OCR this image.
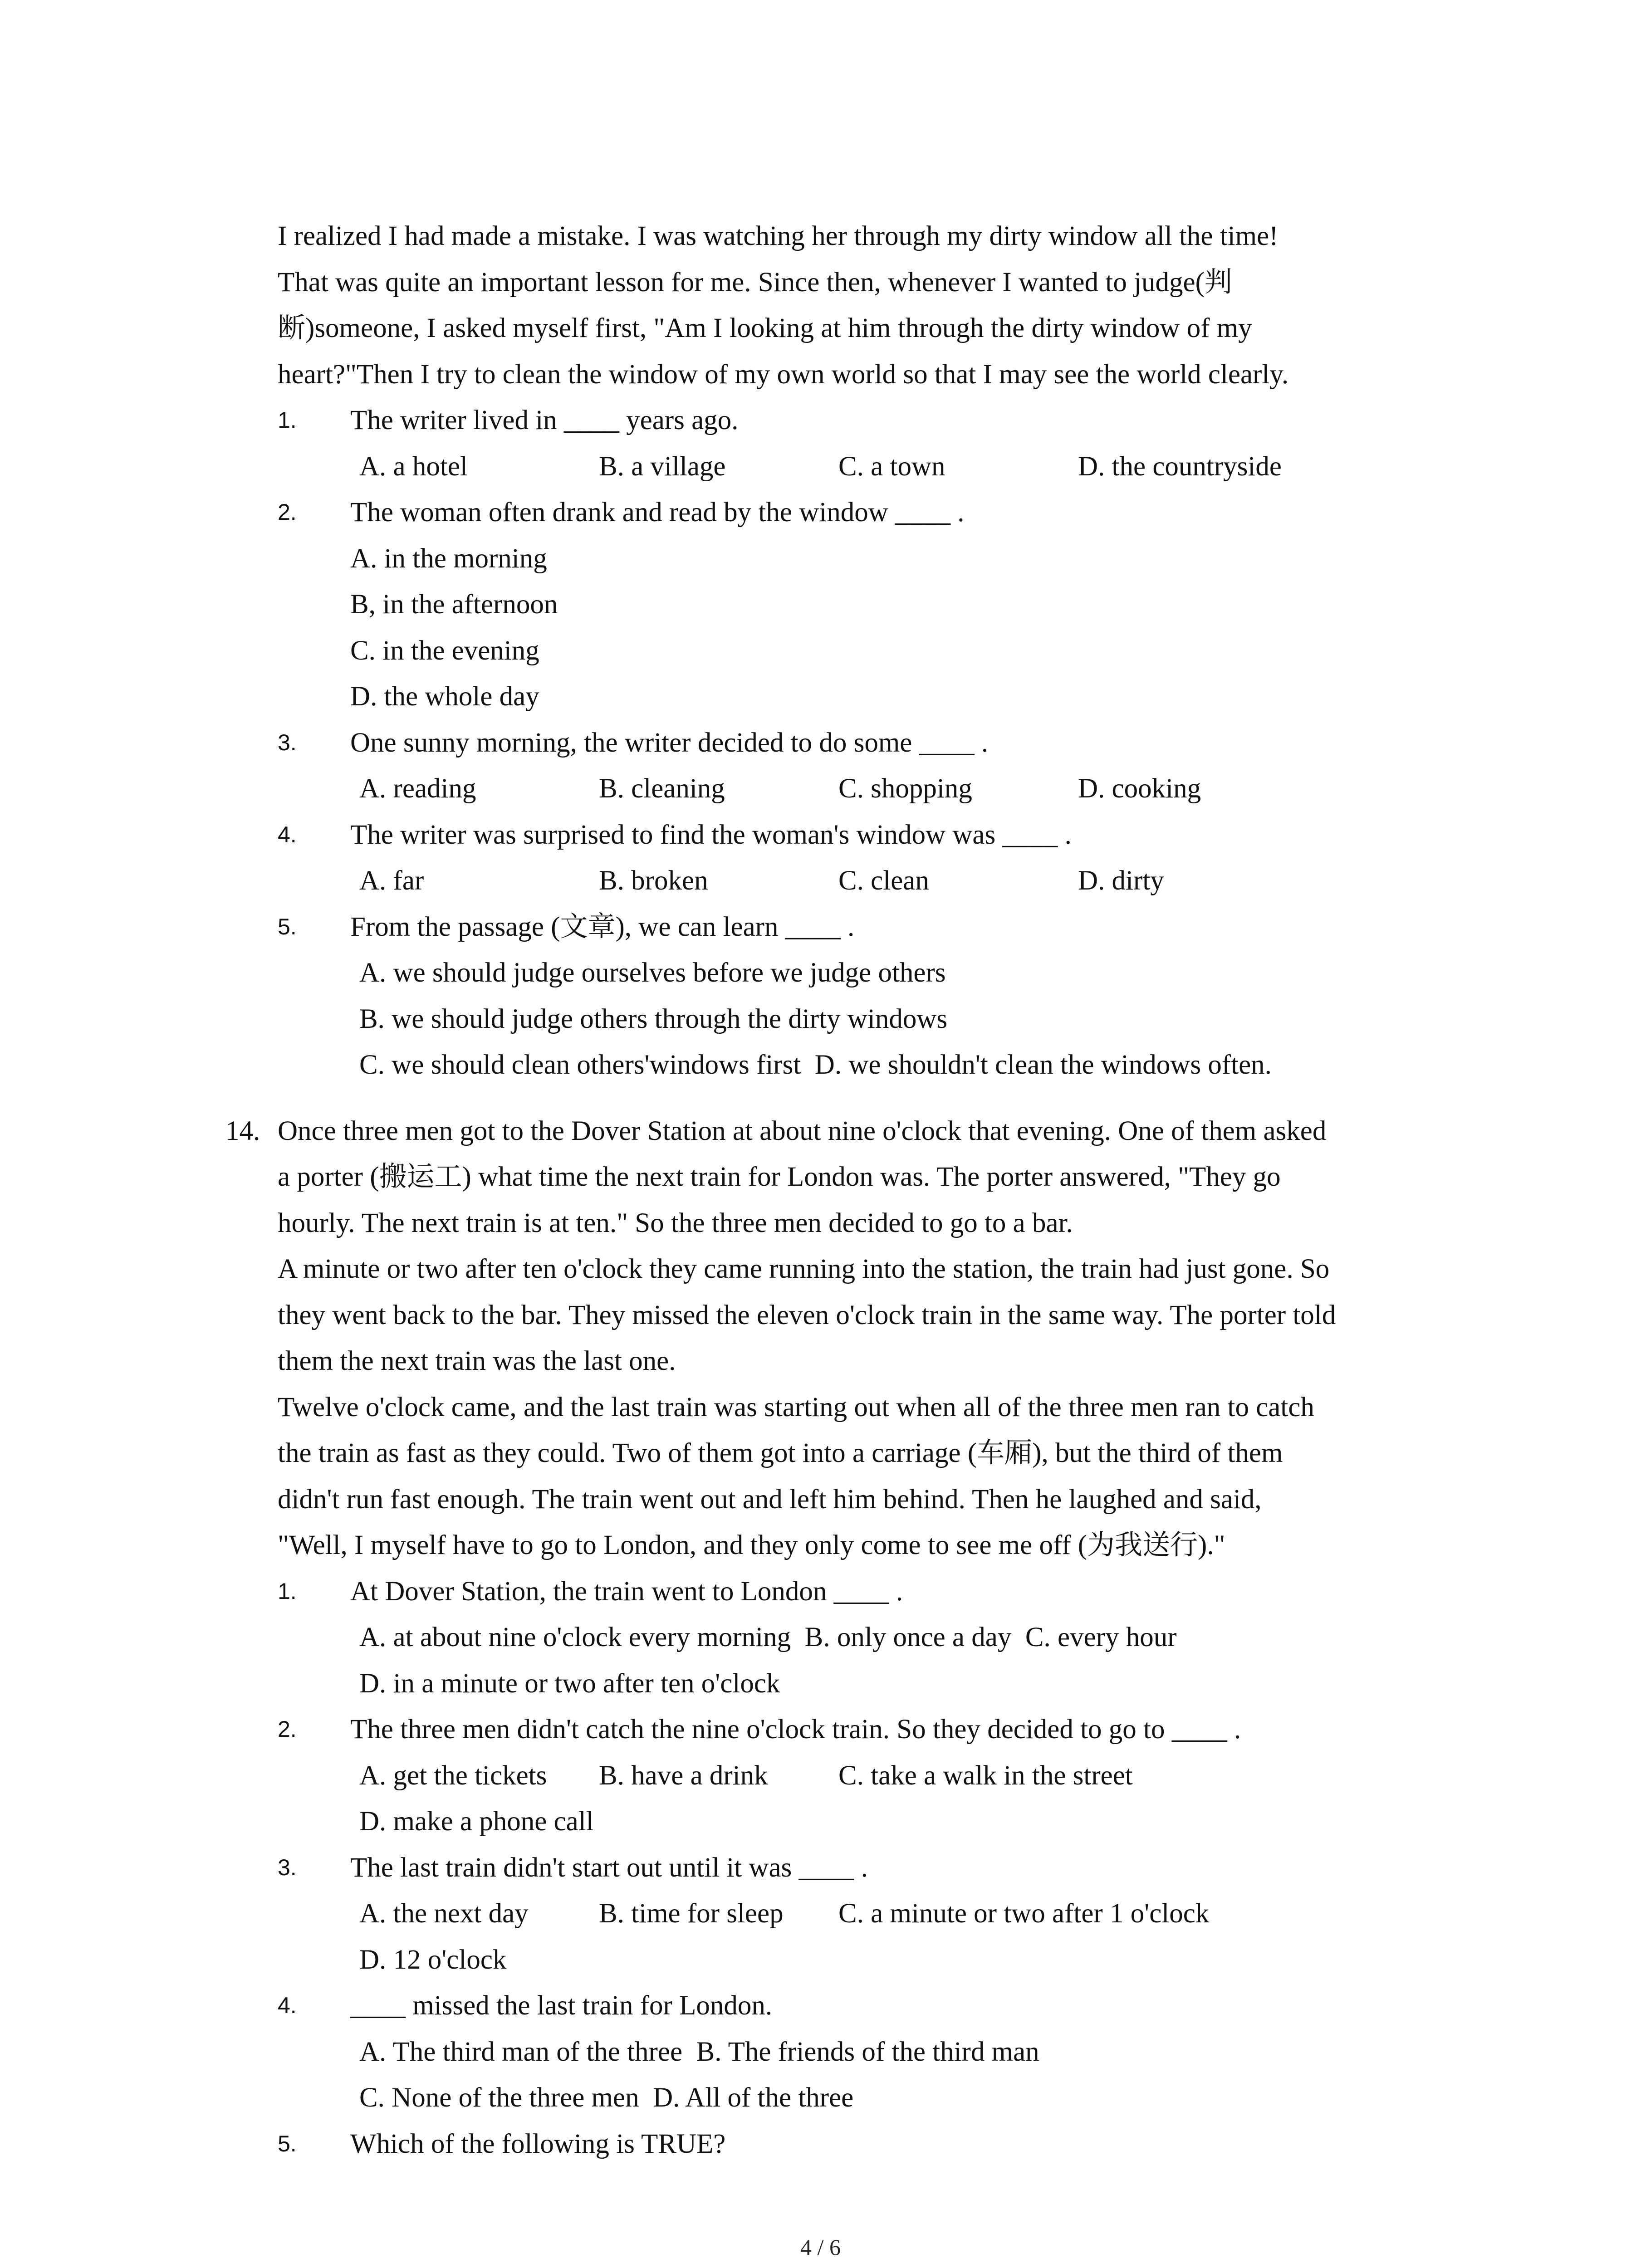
I realized I had made a mistake. I was watching her through my dirty window all the time!
That was quite an important lesson for me. Since then, whenever I wanted to judge(判
断)someone, I asked myself first, "Am I looking at him through the dirty window of my
heart?"Then I try to clean the window of my own world so that I may see the world clearly.
1.	The writer lived in ____ years ago.
A. a hotel	B. a village	C. a town	D. the countryside
2.	The woman often drank and read by the window ____ .
A. in the morning
B, in the afternoon
C. in the evening
D. the whole day
3.	One sunny morning, the writer decided to do some ____ .
A. reading	B. cleaning	C. shopping	D. cooking
4.	The writer was surprised to find the woman's window was ____ .
A. far	B. broken	C. clean	D. dirty
5.	From the passage (文章), we can learn ____ .
A. we should judge ourselves before we judge others
B. we should judge others through the dirty windows
C. we should clean others'windows first D. we shouldn't clean the windows often.
14. Once three men got to the Dover Station at about nine o'clock that evening. One of them asked
a porter (搬运工) what time the next train for London was. The porter answered, "They go
hourly. The next train is at ten." So the three men decided to go to a bar.
A minute or two after ten o'clock they came running into the station, the train had just gone. So
they went back to the bar. They missed the eleven o'clock train in the same way. The porter told
them the next train was the last one.
Twelve o'clock came, and the last train was starting out when all of the three men ran to catch
the train as fast as they could. Two of them got into a carriage (车厢), but the third of them
didn't run fast enough. The train went out and left him behind. Then he laughed and said,
"Well, I myself have to go to London, and they only come to see me off (为我送行)."
1.	At Dover Station, the train went to London ____ .
A. at about nine o'clock every morning B. only once a day C. every hour
D. in a minute or two after ten o'clock
2.	The three men didn't catch the nine o'clock train. So they decided to go to ____ .
A. get the tickets B. have a drink	C. take a walk in the street
D. make a phone call
3.	The last train didn't start out until it was ____ .
A. the next day	B. time for sleep C. a minute or two after 1 o'clock
D. 12 o'clock
4.	____ missed the last train for London.
A. The third man of the three B. The friends of the third man
C. None of the three men D. All of the three
5.	Which of the following is TRUE?
4 / 6
